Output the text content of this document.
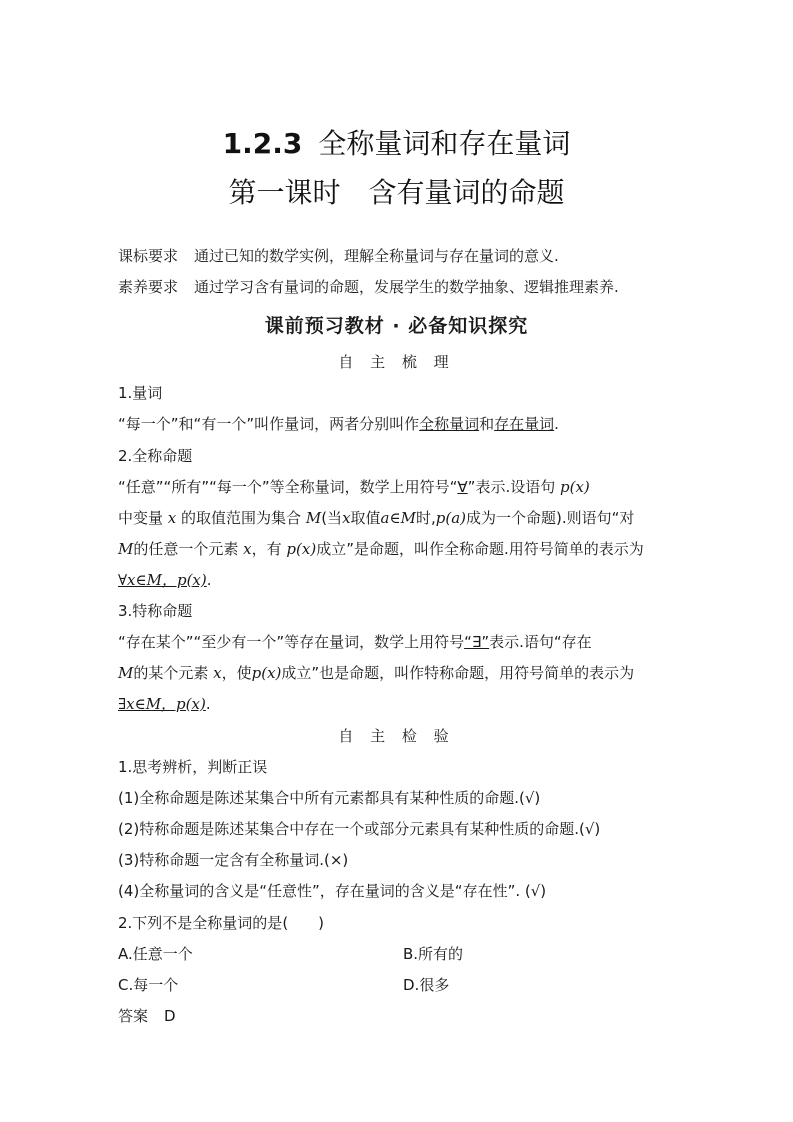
1.2.3 全称量词和存在量词
第一课时 含有量词的命题
课标要求 通过已知的数学实例，理解全称量词与存在量词的意义.
素养要求 通过学习含有量词的命题，发展学生的数学抽象、逻辑推理素养.
课前预习教材 · 必备知识探究
自 主 梳 理
1.量词
“每一个”和“有一个”叫作量词，两者分别叫作全称量词和存在量词.
2.全称命题
“任意”“所有”“每一个”等全称量词，数学上用符号“∀”表示.设语句 p(x)
中变量 x 的取值范围为集合 M(当x取值a∈M时,p(a)成为一个命题).则语句“对
M的任意一个元素 x，有 p(x)成立”是命题，叫作全称命题.用符号简单的表示为
∀x∈M，p(x).
3.特称命题
“存在某个”“至少有一个”等存在量词，数学上用符号“∃”表示.语句“存在
M的某个元素 x，使p(x)成立”也是命题，叫作特称命题，用符号简单的表示为
∃x∈M，p(x).
自 主 检 验
1.思考辨析，判断正误
(1)全称命题是陈述某集合中所有元素都具有某种性质的命题.(√)
(2)特称命题是陈述某集合中存在一个或部分元素具有某种性质的命题.(√)
(3)特称命题一定含有全称量词.(×)
(4)全称量词的含义是“任意性”，存在量词的含义是“存在性”. (√)
2.下列不是全称量词的是(　　)
A.任意一个	B.所有的
C.每一个	D.很多
答案 D
